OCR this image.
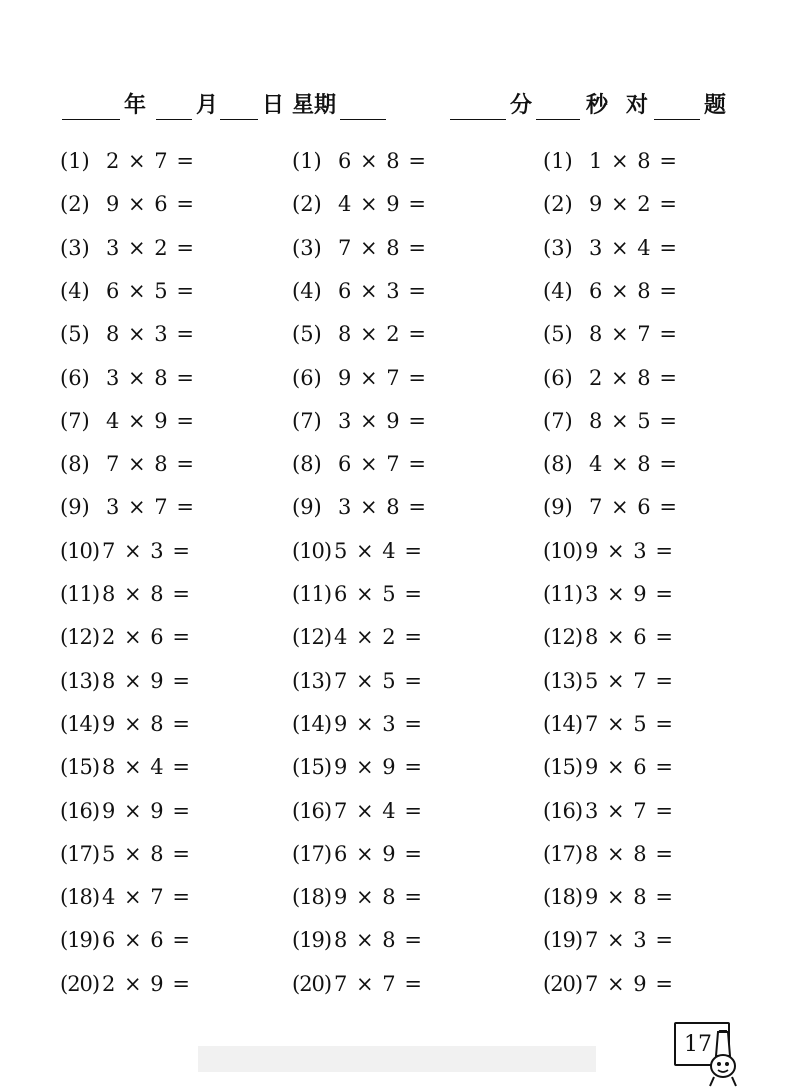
年 月 日 星期	分 秒 对	题
(1) 2 × 7 =
(2) 9 × 6 =
(3) 3 × 2 =
(4) 6 × 5 =
(5) 8 × 3 =
(6) 3 × 8 =
(7) 4 × 9 =
(8) 7 × 8 =
(9) 3 × 7 =
(10) 7 × 3 =
(11) 8 × 8 =
(12) 2 × 6 =
(13) 8 × 9 =
(14) 9 × 8 =
(15) 8 × 4 =
(16) 9 × 9 =
(17) 5 × 8 =
(18) 4 × 7 =
(19) 6 × 6 =
(20) 2 × 9 =
(1) 6 × 8 =
(2) 4 × 9 =
(3) 7 × 8 =
(4) 6 × 3 =
(5) 8 × 2 =
(6) 9 × 7 =
(7) 3 × 9 =
(8) 6 × 7 =
(9) 3 × 8 =
(10) 5 × 4 =
(11) 6 × 5 =
(12) 4 × 2 =
(13) 7 × 5 =
(14) 9 × 3 =
(15) 9 × 9 =
(16) 7 × 4 =
(17) 6 × 9 =
(18) 9 × 8 =
(19) 8 × 8 =
(20) 7 × 7 =
(1) 1 × 8 =
(2) 9 × 2 =
(3) 3 × 4 =
(4) 6 × 8 =
(5) 8 × 7 =
(6) 2 × 8 =
(7) 8 × 5 =
(8) 4 × 8 =
(9) 7 × 6 =
(10) 9 × 3 =
(11) 3 × 9 =
(12) 8 × 6 =
(13) 5 × 7 =
(14) 7 × 5 =
(15) 9 × 6 =
(16) 3 × 7 =
(17) 8 × 8 =
(18) 9 × 8 =
(19) 7 × 3 =
(20) 7 × 9 =
17
